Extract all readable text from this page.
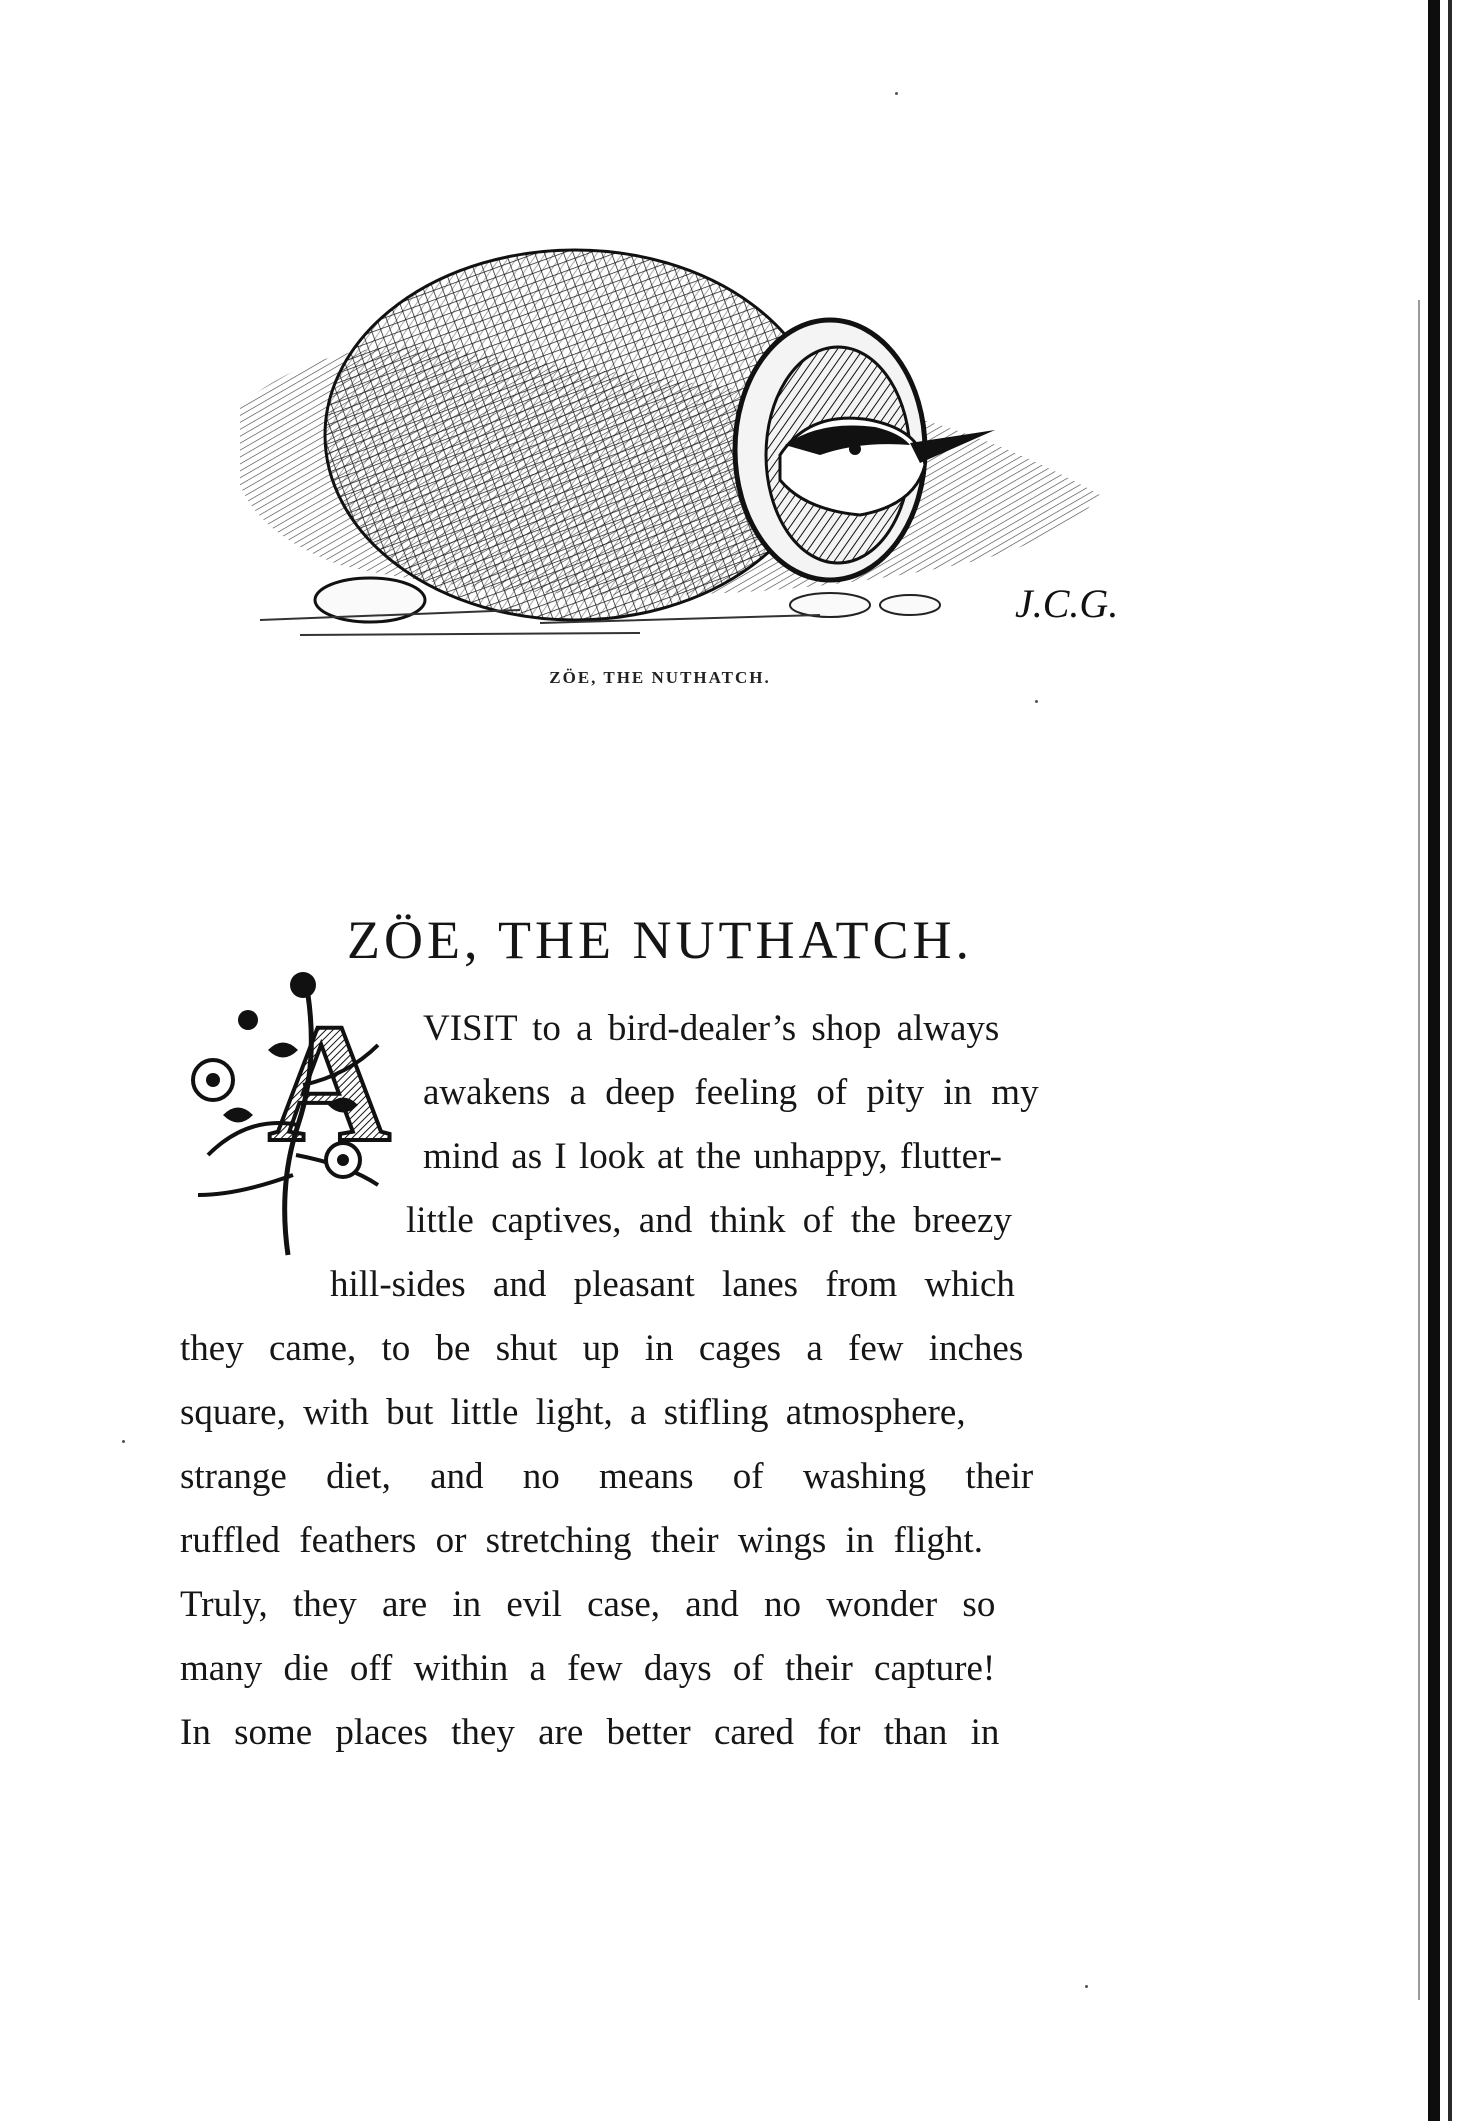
J.C.G.
ZÖE, THE NUTHATCH.
ZÖE, THE NUTHATCH.
A VISIT to a bird-dealer’s shop always
awakens a deep feeling of pity in my
mind as I look at the unhappy, flutter-
little captives, and think of the breezy
hill-sides and pleasant lanes from which
they came, to be shut up in cages a few inches
square, with but little light, a stifling atmosphere,
strange diet, and no means of washing their
ruffled feathers or stretching their wings in flight.
Truly, they are in evil case, and no wonder so
many die off within a few days of their capture!
In some places they are better cared for than in
